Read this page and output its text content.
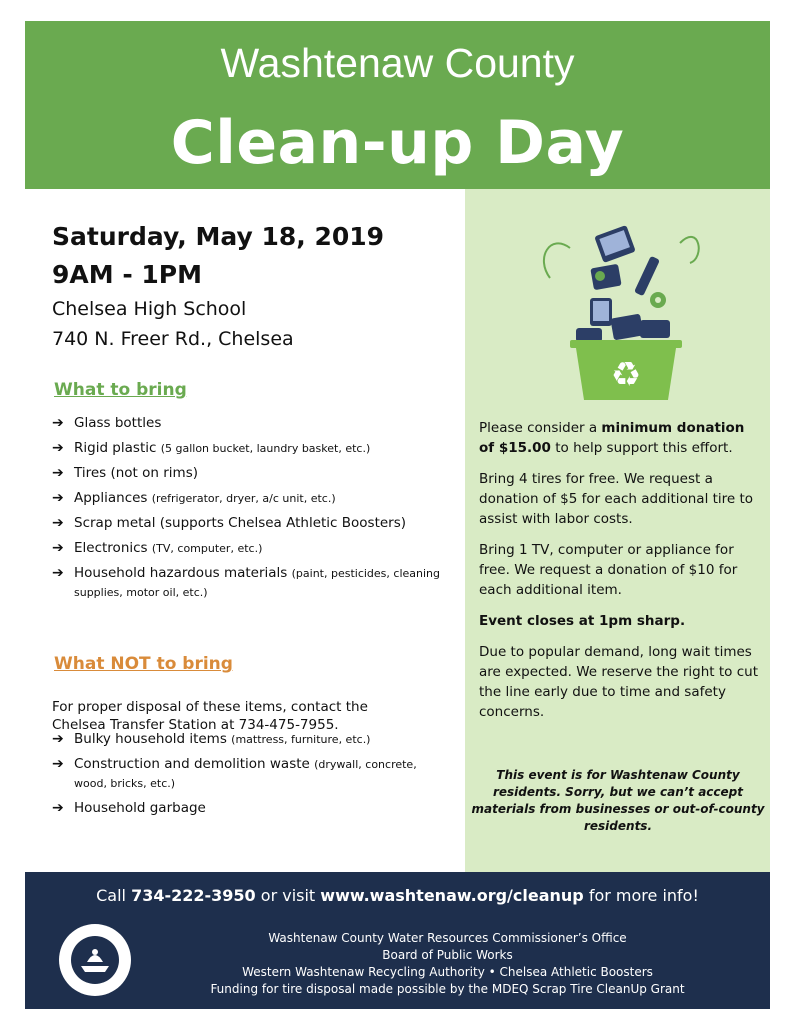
Washtenaw County
Clean-up Day
♻

Saturday, May 18, 2019

9AM - 1PM

Chelsea High School

740 N. Freer Rd., Chelsea

What to bring

➔ Glass bottles
➔ Rigid plastic (5 gallon bucket, laundry basket, etc.)
➔ Tires (not on rims)
➔ Appliances (refrigerator, dryer, a/c unit, etc.)
➔ Scrap metal (supports Chelsea Athletic Boosters)
➔ Electronics (TV, computer, etc.)
➔ Household hazardous materials (paint, pesticides, cleaning supplies, motor oil, etc.)

What NOT to bring

For proper disposal of these items, contact the Chelsea Transfer Station at 734-475-7955.

➔ Bulky household items (mattress, furniture, etc.)
➔ Construction and demolition waste (drywall, concrete, wood, bricks, etc.)
➔ Household garbage

Please consider a minimum donation of $15.00 to help support this effort.

Bring 4 tires for free. We request a donation of $5 for each additional tire to assist with labor costs.

Bring 1 TV, computer or appliance for free. We request a donation of $10 for each additional item.

Event closes at 1pm sharp.

Due to popular demand, long wait times are expected. We reserve the right to cut the line early due to time and safety concerns.

This event is for Washtenaw County residents. Sorry, but we can’t accept materials from businesses or out-of-county residents.
Call 734-222-3950 or visit www.washtenaw.org/cleanup for more info!
Washtenaw County Water Resources Commissioner’s Office
Board of Public Works
Western Washtenaw Recycling Authority • Chelsea Athletic Boosters
Funding for tire disposal made possible by the MDEQ Scrap Tire CleanUp Grant
